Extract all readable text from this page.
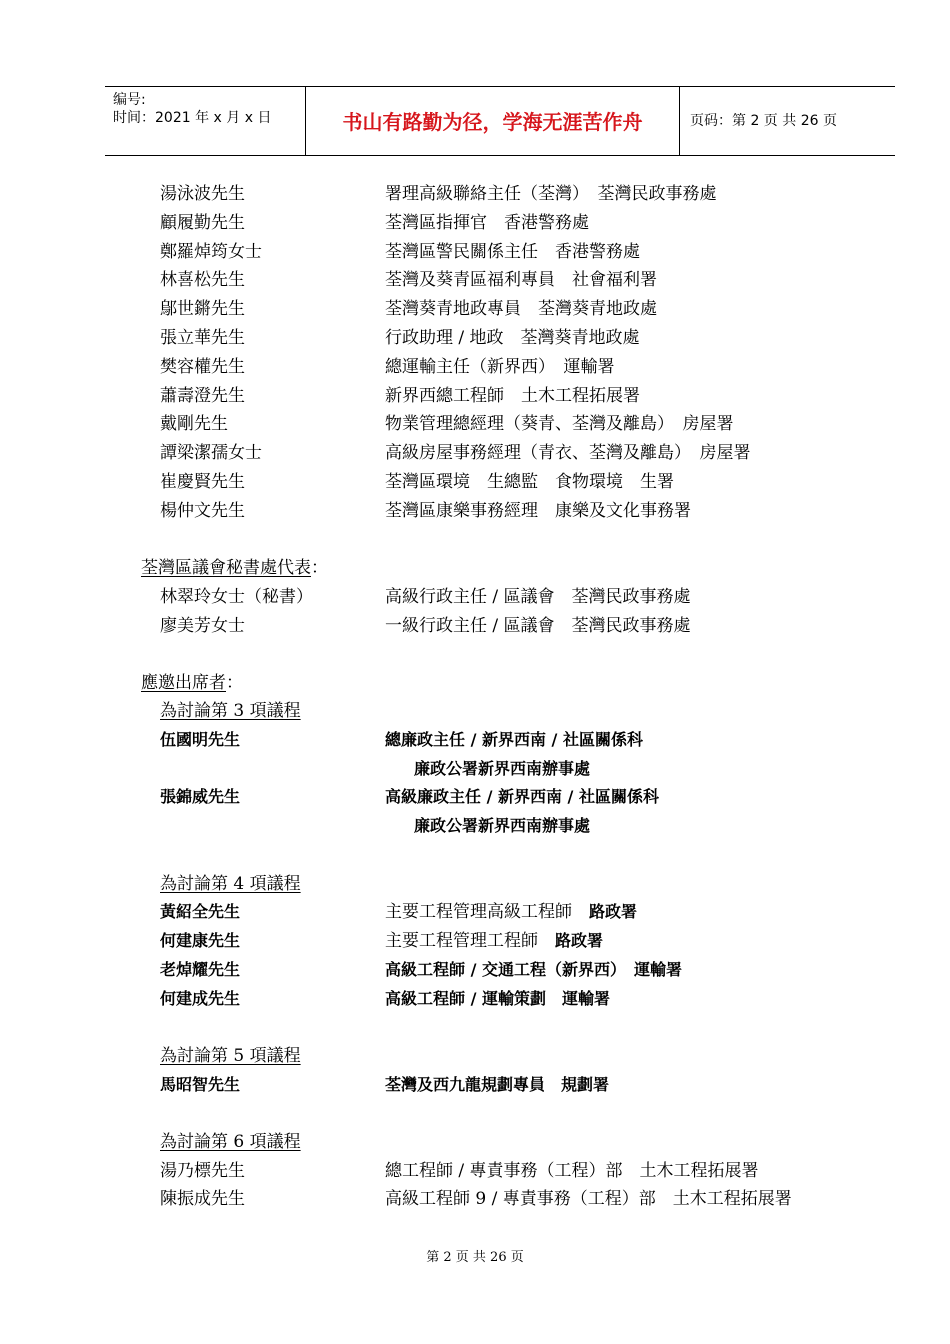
编号:
时间：2021 年 x 月 x 日	书山有路勤为径，学海无涯苦作舟	页码：第 2 页 共 26 页
湯泳波先生	署理高級聯絡主任（荃灣）　荃灣民政事務處
顧履勤先生	荃灣區指揮官　香港警務處
鄭羅焯筠女士	荃灣區警民關係主任　香港警務處
林喜松先生	荃灣及葵青區福利專員　社會福利署
鄔世鏘先生	荃灣葵青地政專員　荃灣葵青地政處
張立華先生	行政助理 / 地政　荃灣葵青地政處
樊容權先生	總運輸主任（新界西）　運輸署
蕭壽澄先生	新界西總工程師　土木工程拓展署
戴剛先生	物業管理總經理（葵青、荃灣及離島）　房屋署
譚梁潔孺女士	高級房屋事務經理（青衣、荃灣及離島）　房屋署
崔慶賢先生	荃灣區環境　生總監　食物環境　生署
楊仲文先生	荃灣區康樂事務經理　康樂及文化事務署
荃灣區議會秘書處代表：
林翠玲女士（秘書）	高級行政主任 / 區議會　荃灣民政事務處
廖美芳女士	一級行政主任 / 區議會　荃灣民政事務處
應邀出席者：
為討論第 3 項議程
伍國明先生	總廉政主任 / 新界西南 / 社區關係科
廉政公署新界西南辦事處
張錦威先生	高級廉政主任 / 新界西南 / 社區關係科
廉政公署新界西南辦事處
為討論第 4 項議程
黃紹全先生	主要工程管理高級工程師　 路政署
何建康先生	主要工程管理工程師　 路政署
老焯耀先生	高級工程師 / 交通工程（新界西）　運輸署
何建成先生	高級工程師 / 運輸策劃　運輸署
為討論第 5 項議程
馬昭智先生	荃灣及西九龍規劃專員　規劃署
為討論第 6 項議程
湯乃標先生	總工程師 / 專責事務（工程）部　土木工程拓展署
陳振成先生	高級工程師 9 / 專責事務（工程）部　土木工程拓展署
第 2 页 共 26 页
